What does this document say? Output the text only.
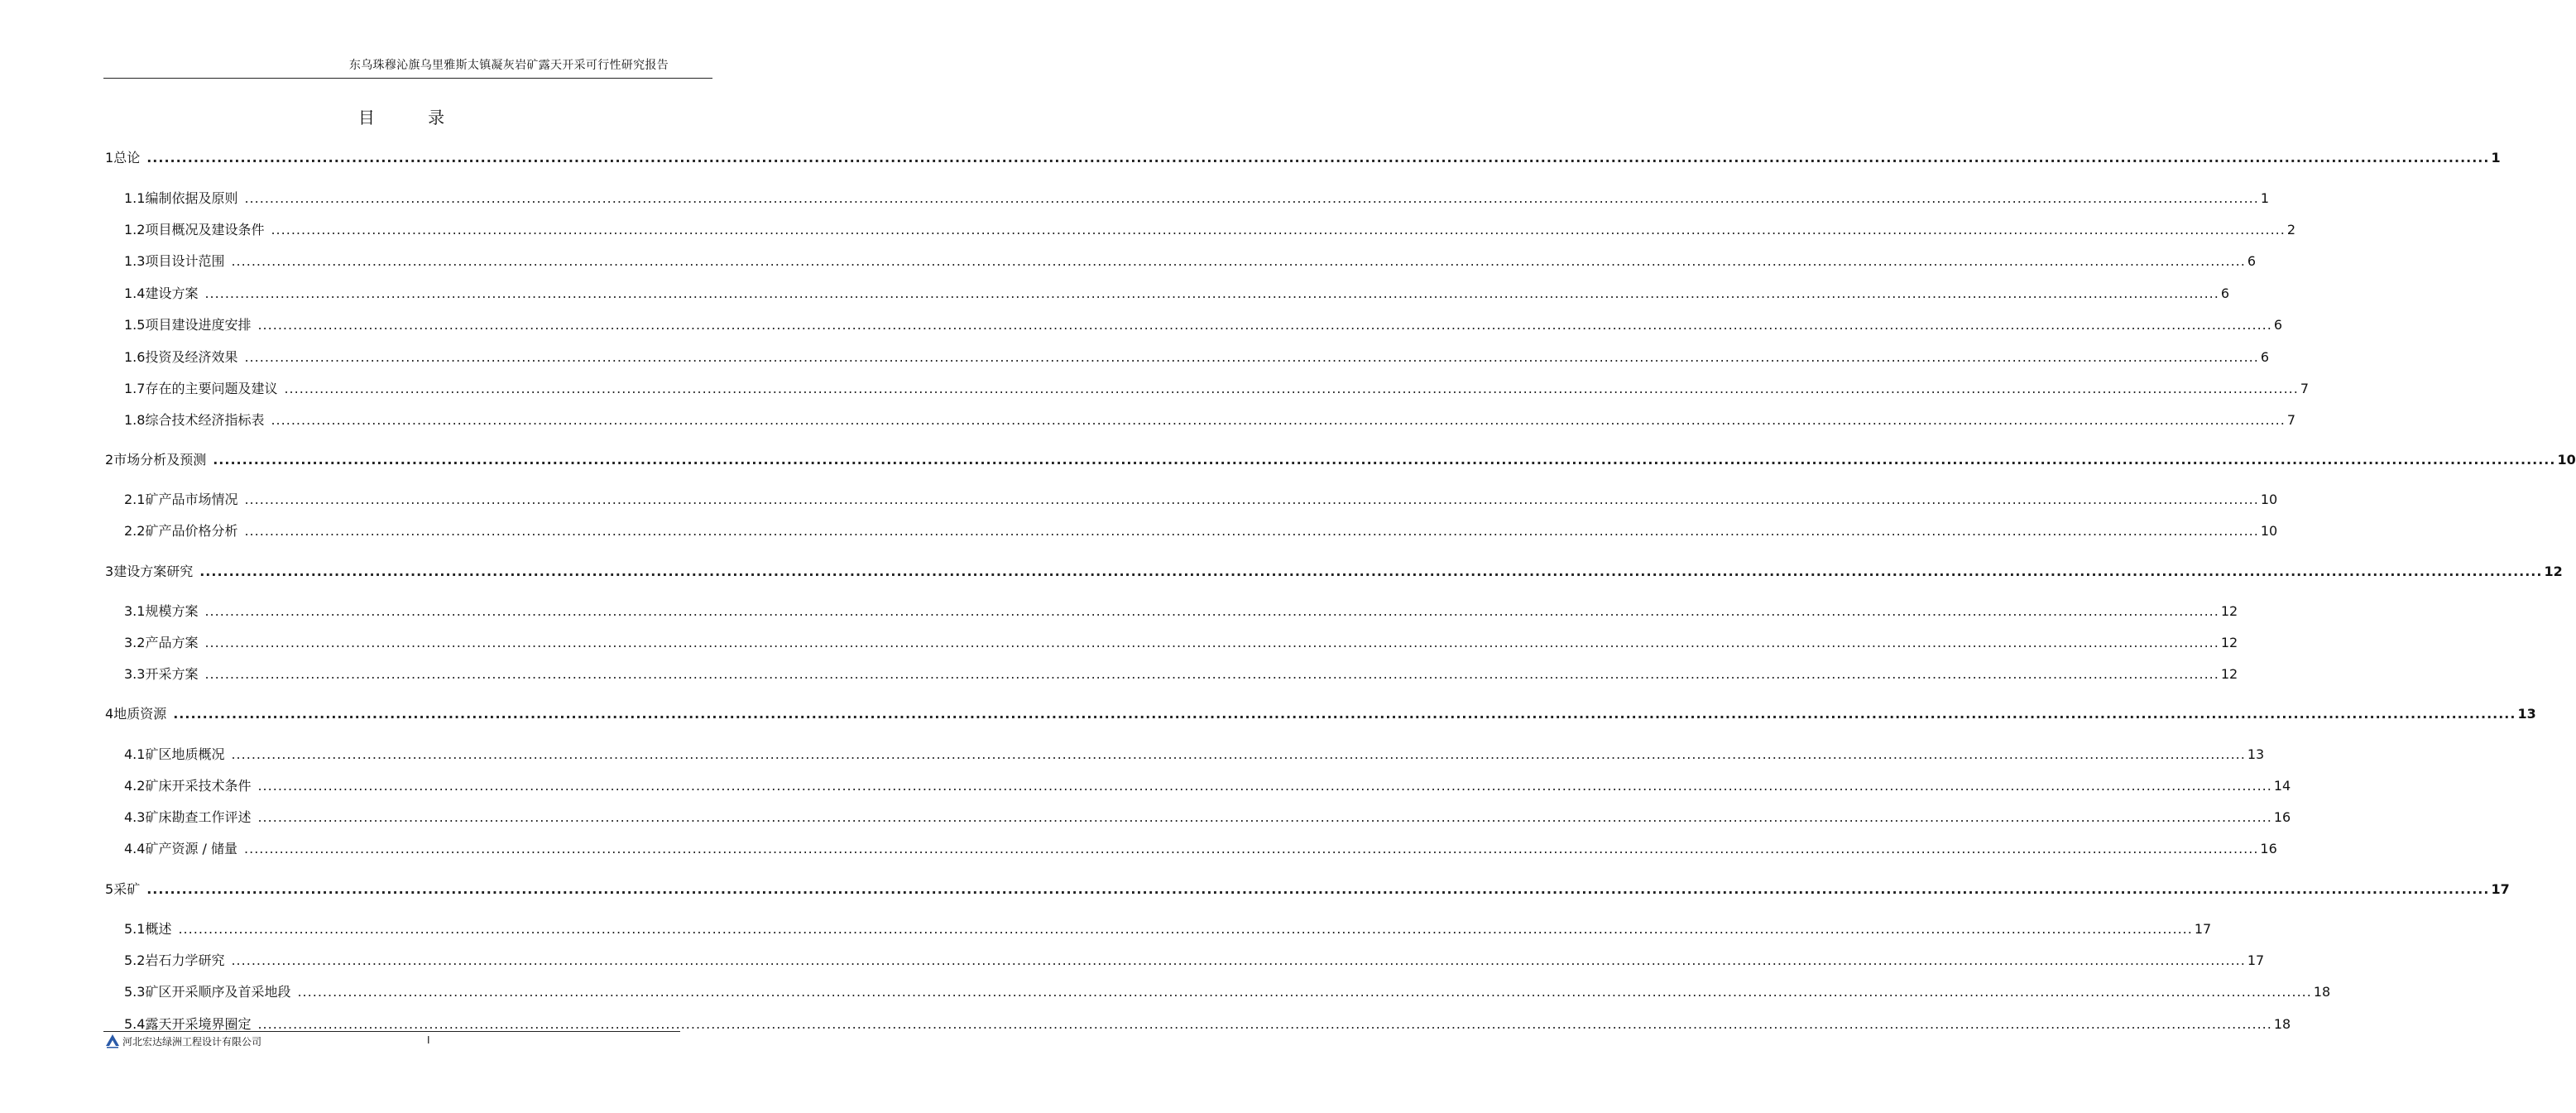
东乌珠穆沁旗乌里雅斯太镇凝灰岩矿露天开采可行性研究报告
目 录
1 总论 ................................................................................................................................................................................................................................................................................................................................................................................................................ 1
1.1 编制依据及原则 ................................................................................................................................................................................................................................................................................................................................................................................................................ 1
1.2 项目概况及建设条件 ................................................................................................................................................................................................................................................................................................................................................................................................................ 2
1.3 项目设计范围 ................................................................................................................................................................................................................................................................................................................................................................................................................ 6
1.4 建设方案 ................................................................................................................................................................................................................................................................................................................................................................................................................ 6
1.5 项目建设进度安排 ................................................................................................................................................................................................................................................................................................................................................................................................................ 6
1.6 投资及经济效果 ................................................................................................................................................................................................................................................................................................................................................................................................................ 6
1.7 存在的主要问题及建议 ................................................................................................................................................................................................................................................................................................................................................................................................................ 7
1.8 综合技术经济指标表 ................................................................................................................................................................................................................................................................................................................................................................................................................ 7
2 市场分析及预测 ................................................................................................................................................................................................................................................................................................................................................................................................................ 10
2.1 矿产品市场情况 ................................................................................................................................................................................................................................................................................................................................................................................................................ 10
2.2 矿产品价格分析 ................................................................................................................................................................................................................................................................................................................................................................................................................ 10
3 建设方案研究 ................................................................................................................................................................................................................................................................................................................................................................................................................ 12
3.1 规模方案 ................................................................................................................................................................................................................................................................................................................................................................................................................ 12
3.2 产品方案 ................................................................................................................................................................................................................................................................................................................................................................................................................ 12
3.3 开采方案 ................................................................................................................................................................................................................................................................................................................................................................................................................ 12
4 地质资源 ................................................................................................................................................................................................................................................................................................................................................................................................................ 13
4.1 矿区地质概况 ................................................................................................................................................................................................................................................................................................................................................................................................................ 13
4.2 矿床开采技术条件 ................................................................................................................................................................................................................................................................................................................................................................................................................ 14
4.3 矿床勘查工作评述 ................................................................................................................................................................................................................................................................................................................................................................................................................ 16
4.4 矿产资源 / 储量 ................................................................................................................................................................................................................................................................................................................................................................................................................ 16
5 采矿 ................................................................................................................................................................................................................................................................................................................................................................................................................ 17
5.1 概述 ................................................................................................................................................................................................................................................................................................................................................................................................................ 17
5.2 岩石力学研究 ................................................................................................................................................................................................................................................................................................................................................................................................................ 17
5.3 矿区开采顺序及首采地段 ................................................................................................................................................................................................................................................................................................................................................................................................................ 18
5.4 露天开采境界圈定 ................................................................................................................................................................................................................................................................................................................................................................................................................ 18
河北宏达绿洲工程设计有限公司	I
